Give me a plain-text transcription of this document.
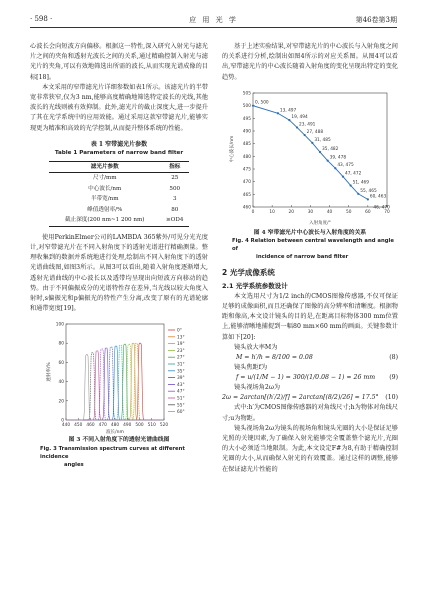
· 598 ·	应 用 光 学	第46卷第3期

心波长会向短波方向偏移。根据这一特性,深入研究入射光与滤光片之间的夹角和透射光波长之间的关系,通过精确控制入射光与滤光片的夹角,可以有效地筛选出所需的波长,从而实现光谱成像的目标[18]。

本文采用的窄带滤光片详细参数如表1所示。该滤光片的半带宽非常狭窄,仅为3 nm,能够高度精确地筛选特定波长的光线,其他波长的光线则被有效抑制。此外,滤光片的截止深度大,进一步提升了其在光学系统中的应用效能。通过采用这款窄带滤光片,能够实现更为精准和高效的光学控制,从而提升整体系统的性能。

表 1 窄带滤光片参数
Table 1 Parameters of narrow band filter
滤光片参数	指标
尺寸/mm	25
中心波长/nm	500
半带宽/nm	3
峰值透射率/%	80
截止深度(200 nm~1 200 nm)	≥OD4

使用PerkinElmer公司的LAMBDA 365紫外/可见分光光度计,对窄带滤光片在不同入射角度下的透射光谱进行精确测量。整理收集到的数据并系统地进行处理,绘制出不同入射角度下的透射光谱曲线图,如图3所示。从图3可以看出,随着入射角度逐渐增大,透射光谱曲线的中心波长以及透带均呈现出向短波方向移动的趋势。由于不同偏振成分的光谱特性存在差异,当光线以较大角度入射时,s偏振光和p偏振光的特性产生分离,改变了原有的光谱轮廓和通带宽度[19]。

透射率/%
波长/nm
440 450 460 470 480 490 500 510 520
0
20
40
60
80
100
0°
13°
19°
23°
27°
31°
35°
39°
43°
47°
51°
55°
60°
图 3 不同入射角度下的透射光谱曲线图
Fig. 3 Transmission spectrum curves at different incidence
angles

基于上述实验结果,对窄带滤光片的中心波长与入射角度之间的关系进行分析,绘制出如图4所示的对应关系图。从图4可以看出,窄带滤光片的中心波长随着入射角度的变化呈现出特定的变化趋势。

中心波长/nm
入射角度/°
0	10	20	30	40	50	60	70
460
465
470
475
480
485
490
495
500
505
0, 500
13, 497
19, 494
23, 491
27, 488
31, 485
35, 482
39, 478
43, 475
47, 472
51, 469
55, 465
60, 463
46, 470
图 4 窄带滤光片中心波长与入射角度的关系
Fig. 4 Relation between central wavelength and angle of
incidence of narrow band filter
2 光学成像系统
2.1 光学系统参数设计

本文选用尺寸为1/2 inch的CMOS图像传感器,不仅可保证足够的成像面积,而且还确保了图像的高分辨率和清晰度。根据物距和像高,本文设计镜头的目的是,在距离目标物体300 mm位置上,能够清晰地捕捉到一幅80 mm×60 mm的画面。关键参数计算如下[20]:

镜头放大率M为

M = h′/h = 8/100 = 0.08	(8)

镜头焦距f为

f = u/(1/M − 1) = 300/(1/0.08 − 1) ≈ 26 mm (9)

镜头视场角2ω为

2ω = 2arctan[(h′/2)/f] = 2arctan[(8/2)/26] ≈ 17.5° (10)

式中:h′为CMOS图像传感器的对角线尺寸;h为物体对角线尺寸;u为物距。

镜头视场角2ω为镜头的视场角和镜头光圈的大小是保证足够光照的关键因素,为了确保入射光能够完全覆盖整个滤光片,光圈的大小必须适当地限制。为此,本文设定F#为8,有助于精确控制光圈的大小,从而确保入射光的有效覆盖。通过这样的调整,能够在保证滤光片性能的
